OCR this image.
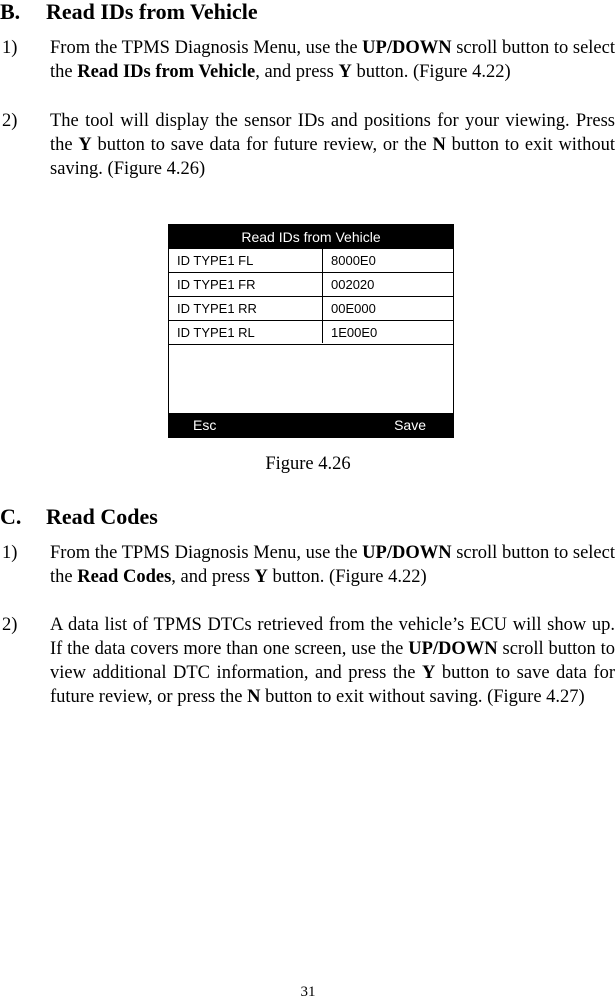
B. Read IDs from Vehicle
1) From the TPMS Diagnosis Menu, use the UP/DOWN scroll button to select the Read IDs from Vehicle, and press Y button. (Figure 4.22)
2) The tool will display the sensor IDs and positions for your viewing. Press the Y button to save data for future review, or the N button to exit without saving. (Figure 4.26)
Read IDs from Vehicle
ID TYPE1 FL	8000E0
ID TYPE1 FR	002020
ID TYPE1 RR	00E000
ID TYPE1 RL	1E00E0
Esc	Save
Figure 4.26
C. Read Codes
1) From the TPMS Diagnosis Menu, use the UP/DOWN scroll button to select the Read Codes, and press Y button. (Figure 4.22)
2) A data list of TPMS DTCs retrieved from the vehicle’s ECU will show up. If the data covers more than one screen, use the UP/DOWN scroll button to view additional DTC information, and press the Y button to save data for future review, or press the N button to exit without saving. (Figure 4.27)
31
